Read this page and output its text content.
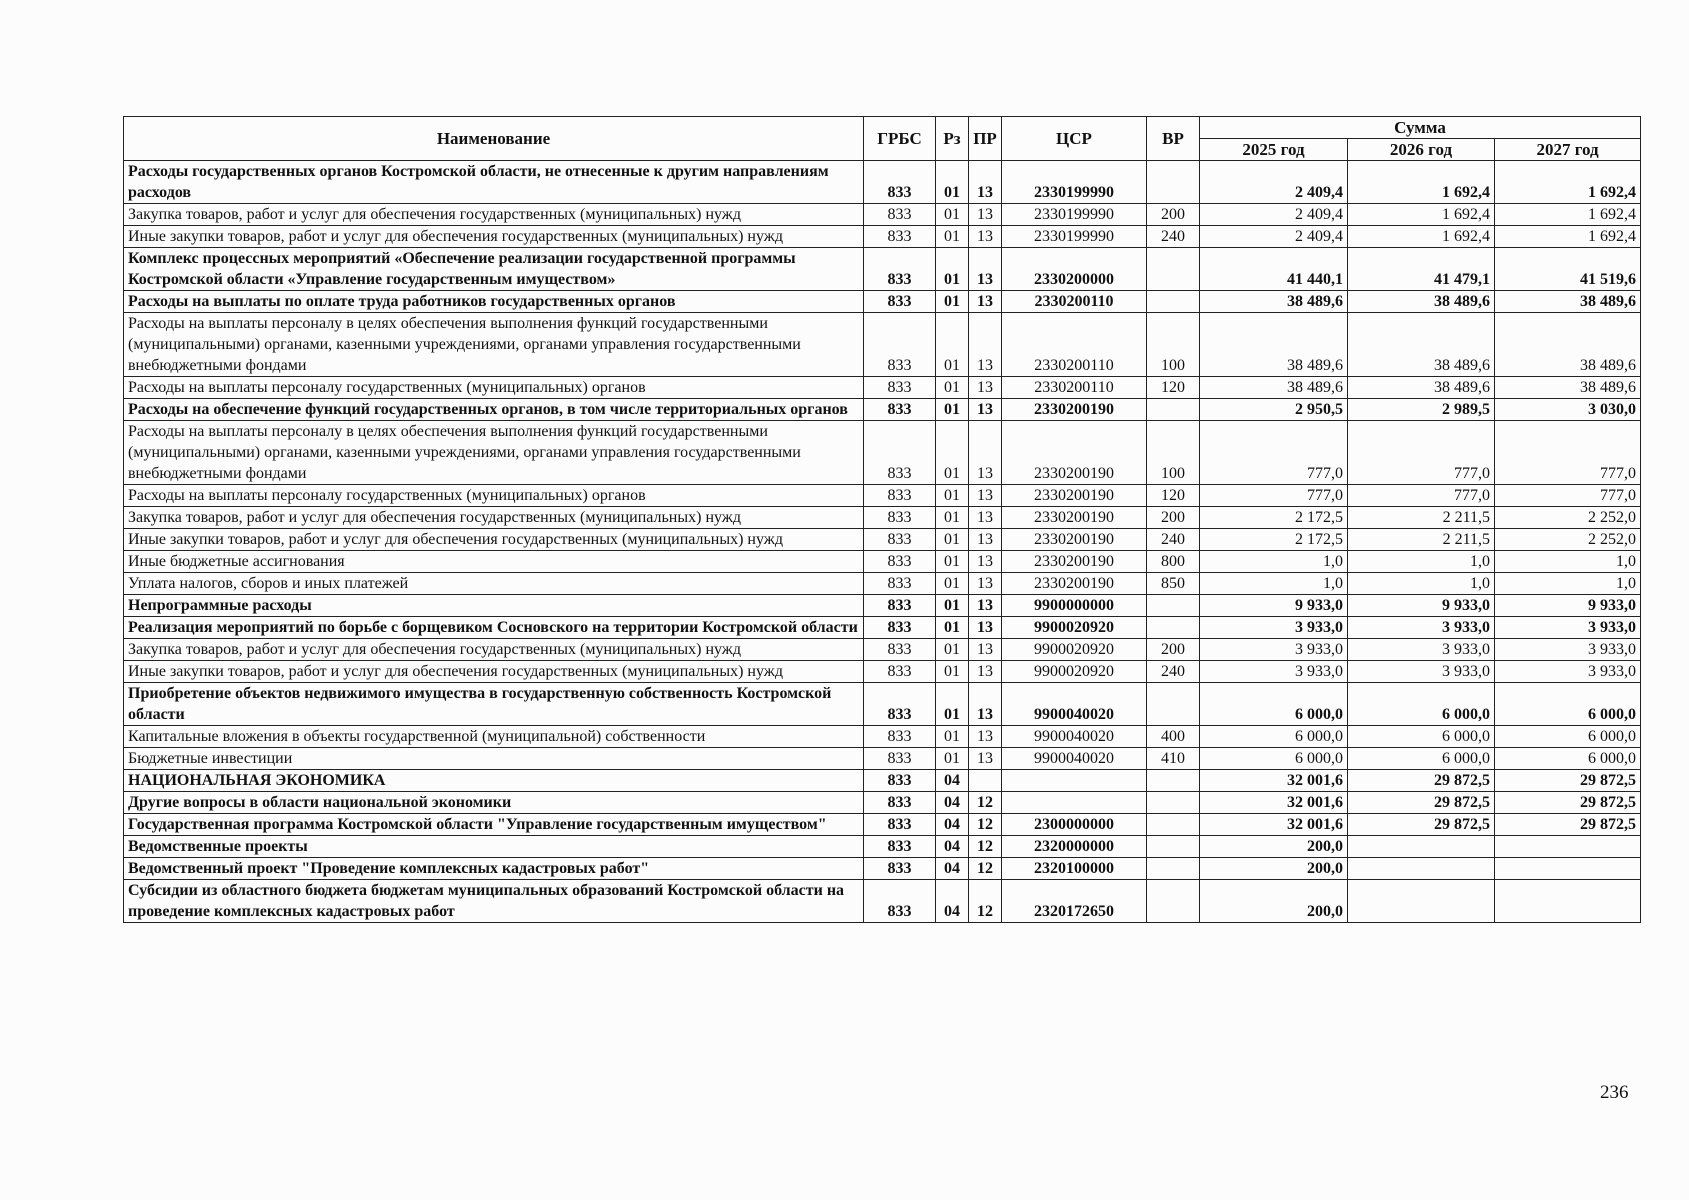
Наименование	ГРБС	Рз	ПР	ЦСР	ВР	Сумма		
						2025 год	2026 год	2027 год
Расходы государственных органов Костромской области, не отнесенные к другим направлениям расходов	833	01	13	2330199990		2 409,4	1 692,4	1 692,4
Закупка товаров, работ и услуг для обеспечения государственных (муниципальных) нужд	833	01	13	2330199990	200	2 409,4	1 692,4	1 692,4
Иные закупки товаров, работ и услуг для обеспечения государственных (муниципальных) нужд	833	01	13	2330199990	240	2 409,4	1 692,4	1 692,4
Комплекс процессных мероприятий «Обеспечение реализации государственной программы Костромской области «Управление государственным имуществом»	833	01	13	2330200000		41 440,1	41 479,1	41 519,6
Расходы на выплаты по оплате труда работников государственных органов	833	01	13	2330200110		38 489,6	38 489,6	38 489,6
Расходы на выплаты персоналу в целях обеспечения выполнения функций государственными (муниципальными) органами, казенными учреждениями, органами управления государственными внебюджетными фондами	833	01	13	2330200110	100	38 489,6	38 489,6	38 489,6
Расходы на выплаты персоналу государственных (муниципальных) органов	833	01	13	2330200110	120	38 489,6	38 489,6	38 489,6
Расходы на обеспечение функций государственных органов, в том числе территориальных органов	833	01	13	2330200190		2 950,5	2 989,5	3 030,0
Расходы на выплаты персоналу в целях обеспечения выполнения функций государственными (муниципальными) органами, казенными учреждениями, органами управления государственными внебюджетными фондами	833	01	13	2330200190	100	777,0	777,0	777,0
Расходы на выплаты персоналу государственных (муниципальных) органов	833	01	13	2330200190	120	777,0	777,0	777,0
Закупка товаров, работ и услуг для обеспечения государственных (муниципальных) нужд	833	01	13	2330200190	200	2 172,5	2 211,5	2 252,0
Иные закупки товаров, работ и услуг для обеспечения государственных (муниципальных) нужд	833	01	13	2330200190	240	2 172,5	2 211,5	2 252,0
Иные бюджетные ассигнования	833	01	13	2330200190	800	1,0	1,0	1,0
Уплата налогов, сборов и иных платежей	833	01	13	2330200190	850	1,0	1,0	1,0
Непрограммные расходы	833	01	13	9900000000		9 933,0	9 933,0	9 933,0
Реализация мероприятий по борьбе с борщевиком Сосновского на территории Костромской области	833	01	13	9900020920		3 933,0	3 933,0	3 933,0
Закупка товаров, работ и услуг для обеспечения государственных (муниципальных) нужд	833	01	13	9900020920	200	3 933,0	3 933,0	3 933,0
Иные закупки товаров, работ и услуг для обеспечения государственных (муниципальных) нужд	833	01	13	9900020920	240	3 933,0	3 933,0	3 933,0
Приобретение объектов недвижимого имущества в государственную собственность Костромской области	833	01	13	9900040020		6 000,0	6 000,0	6 000,0
Капитальные вложения в объекты государственной (муниципальной) собственности	833	01	13	9900040020	400	6 000,0	6 000,0	6 000,0
Бюджетные инвестиции	833	01	13	9900040020	410	6 000,0	6 000,0	6 000,0
НАЦИОНАЛЬНАЯ ЭКОНОМИКА	833	04				32 001,6	29 872,5	29 872,5
Другие вопросы в области национальной экономики	833	04	12			32 001,6	29 872,5	29 872,5
Государственная программа Костромской области "Управление государственным имуществом"	833	04	12	2300000000		32 001,6	29 872,5	29 872,5
Ведомственные проекты	833	04	12	2320000000		200,0		
Ведомственный проект "Проведение комплексных кадастровых работ"	833	04	12	2320100000		200,0		
Субсидии из областного бюджета бюджетам муниципальных образований Костромской области на проведение комплексных кадастровых работ	833	04	12	2320172650		200,0		
236
